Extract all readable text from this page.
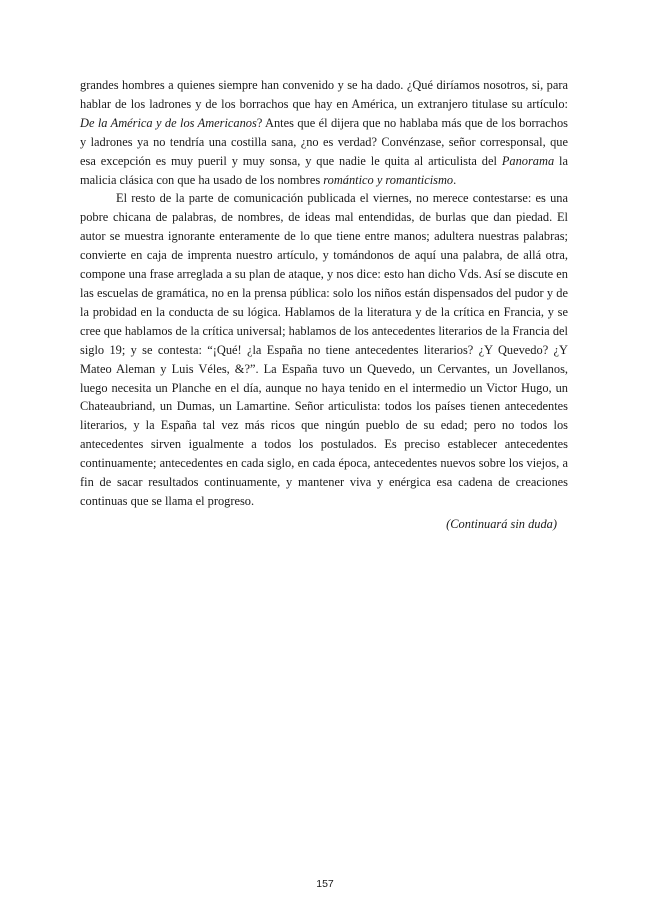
grandes hombres a quienes siempre han convenido y se ha dado. ¿Qué diríamos nosotros, si, para hablar de los ladrones y de los borrachos que hay en América, un extranjero titulase su artículo: De la América y de los Americanos? Antes que él dijera que no hablaba más que de los borrachos y ladrones ya no tendría una costilla sana, ¿no es verdad? Convénzase, señor corresponsal, que esa excepción es muy pueril y muy sonsa, y que nadie le quita al articulista del Panorama la malicia clásica con que ha usado de los nombres romántico y romanticismo.

El resto de la parte de comunicación publicada el viernes, no merece contestarse: es una pobre chicana de palabras, de nombres, de ideas mal entendidas, de burlas que dan piedad. El autor se muestra ignorante enteramente de lo que tiene entre manos; adultera nuestras palabras; convierte en caja de imprenta nuestro artículo, y tomándonos de aquí una palabra, de allá otra, compone una frase arreglada a su plan de ataque, y nos dice: esto han dicho Vds. Así se discute en las escuelas de gramática, no en la prensa pública: solo los niños están dispensados del pudor y de la probidad en la conducta de su lógica. Hablamos de la literatura y de la crítica en Francia, y se cree que hablamos de la crítica universal; hablamos de los antecedentes literarios de la Francia del siglo 19; y se contesta: “¡Qué! ¿la España no tiene antecedentes literarios? ¿Y Quevedo? ¿Y Mateo Aleman y Luis Véles, &?”. La España tuvo un Quevedo, un Cervantes, un Jovellanos, luego necesita un Planche en el día, aunque no haya tenido en el intermedio un Victor Hugo, un Chateaubriand, un Dumas, un Lamartine. Señor articulista: todos los países tienen antecedentes literarios, y la España tal vez más ricos que ningún pueblo de su edad; pero no todos los antecedentes sirven igualmente a todos los postulados. Es preciso establecer antecedentes continuamente; antecedentes en cada siglo, en cada época, antecedentes nuevos sobre los viejos, a fin de sacar resultados continuamente, y mantener viva y enérgica esa cadena de creaciones continuas que se llama el progreso.

(Continuará sin duda)
157
